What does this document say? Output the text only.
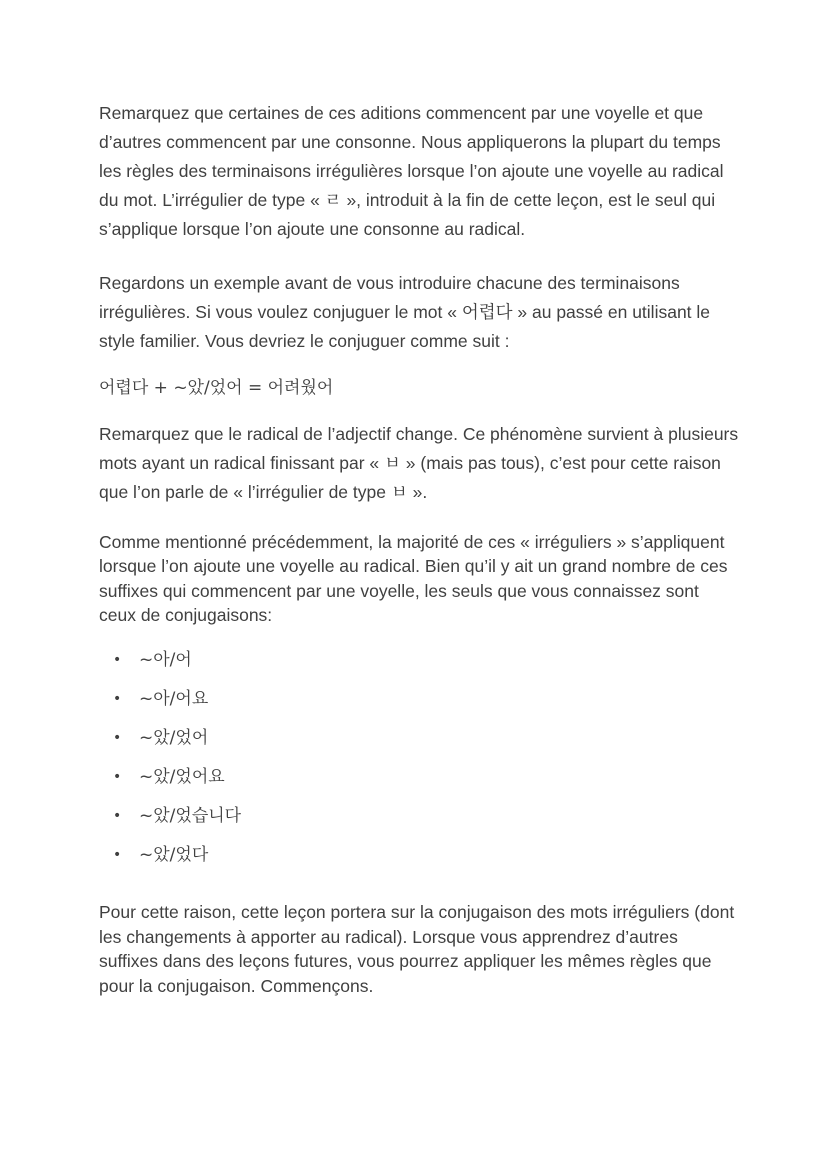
Remarquez que certaines de ces aditions commencent par une voyelle et que d’autres commencent par une consonne. Nous appliquerons la plupart du temps les règles des terminaisons irrégulières lorsque l’on ajoute une voyelle au radical du mot. L’irrégulier de type « ㄹ », introduit à la fin de cette leçon, est le seul qui s’applique lorsque l’on ajoute une consonne au radical.

Regardons un exemple avant de vous introduire chacune des terminaisons irrégulières. Si vous voulez conjuguer le mot « 어렵다 » au passé en utilisant le style familier. Vous devriez le conjuguer comme suit :

어렵다 + ~았/었어 = 어려웠어

Remarquez que le radical de l’adjectif change. Ce phénomène survient à plusieurs mots ayant un radical finissant par « ㅂ » (mais pas tous), c’est pour cette raison que l’on parle de « l’irrégulier de type ㅂ ».

Comme mentionné précédemment, la majorité de ces « irréguliers » s’appliquent lorsque l’on ajoute une voyelle au radical. Bien qu’il y ait un grand nombre de ces suffixes qui commencent par une voyelle, les seuls que vous connaissez sont ceux de conjugaisons:

• ~아/어
• ~아/어요
• ~았/었어
• ~았/었어요
• ~았/었습니다
• ~았/었다

Pour cette raison, cette leçon portera sur la conjugaison des mots irréguliers (dont les changements à apporter au radical). Lorsque vous apprendrez d’autres suffixes dans des leçons futures, vous pourrez appliquer les mêmes règles que pour la conjugaison. Commençons.
